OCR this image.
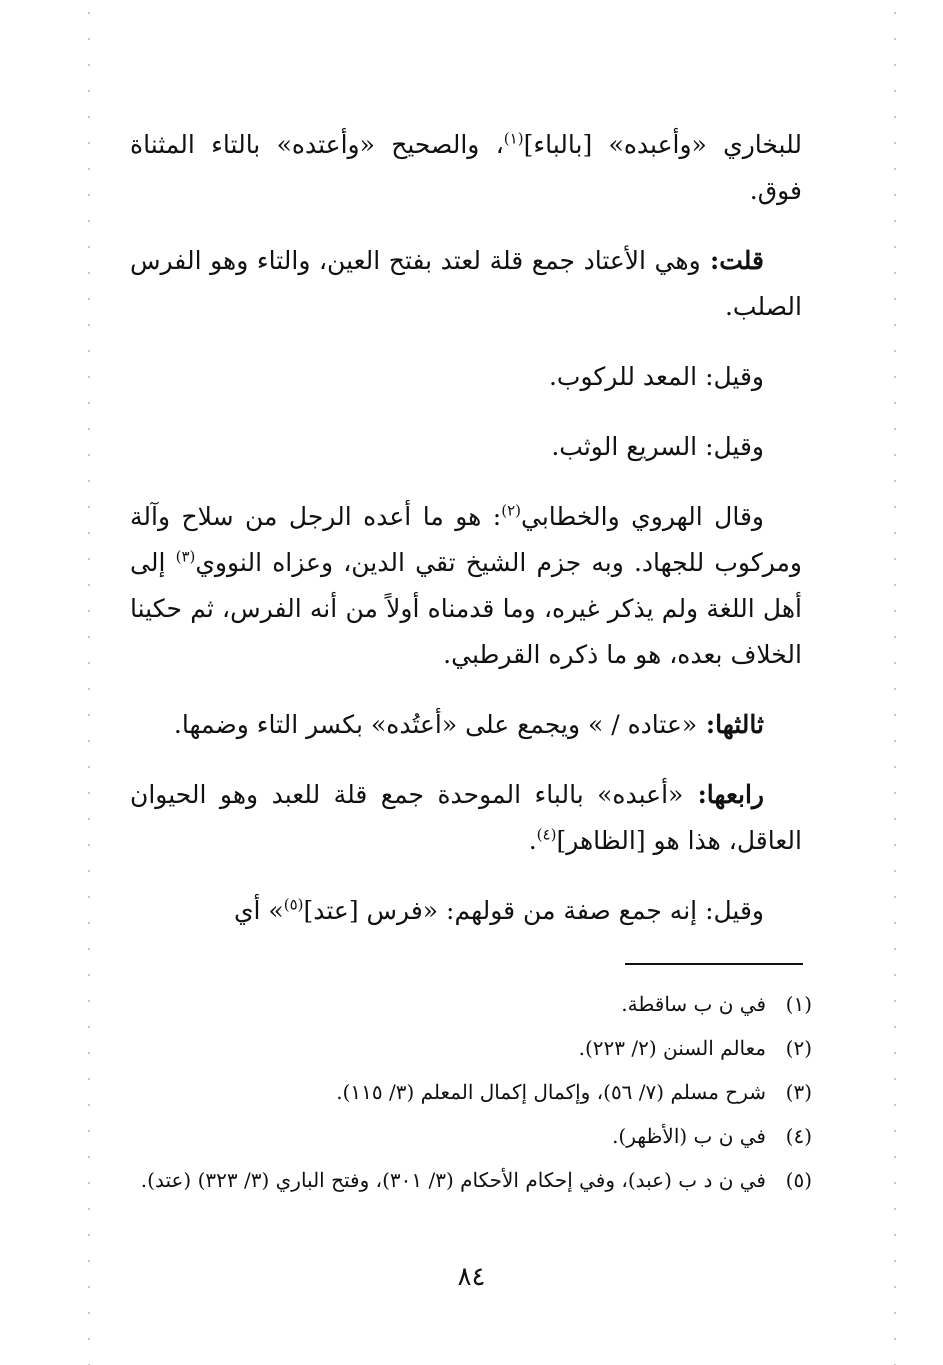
للبخاري «وأعبده» [بالباء]$^{(١)}$، والصحيح «وأعتده» بالتاء المثناة فوق.

قلت: وهي الأعتاد جمع قلة لعتد بفتح العين، والتاء وهو الفرس الصلب.

وقيل: المعد للركوب.

وقيل: السريع الوثب.

وقال الهروي والخطابي$^{(٢)}$: هو ما أعده الرجل من سلاح وآلة ومركوب للجهاد. وبه جزم الشيخ تقي الدين، وعزاه النووي$^{(٣)}$ إلى أهل اللغة ولم يذكر غيره، وما قدمناه أولاً من أنه الفرس، ثم حكينا الخلاف بعده، هو ما ذكره القرطبي.

ثالثها: «عتاده / » ويجمع على «أعتُده» بكسر التاء وضمها.

رابعها: «أعبده» بالباء الموحدة جمع قلة للعبد وهو الحيوان العاقل، هذا هو [الظاهر]$^{(٤)}$.

وقيل: إنه جمع صفة من قولهم: «فرس [عتد]$^{(٥)}$» أي

(١)
في ن ب ساقطة.
(٢)
معالم السنن (٢/ ٢٢٣).
(٣)
شرح مسلم (٧/ ٥٦)، وإكمال إكمال المعلم (٣/ ١١٥).
(٤)
في ن ب (الأظهر).
(٥)
في ن د ب (عبد)، وفي إحكام الأحكام (٣/ ٣٠١)، وفتح الباري (٣/ ٣٢٣) (عتد).
٨٤
